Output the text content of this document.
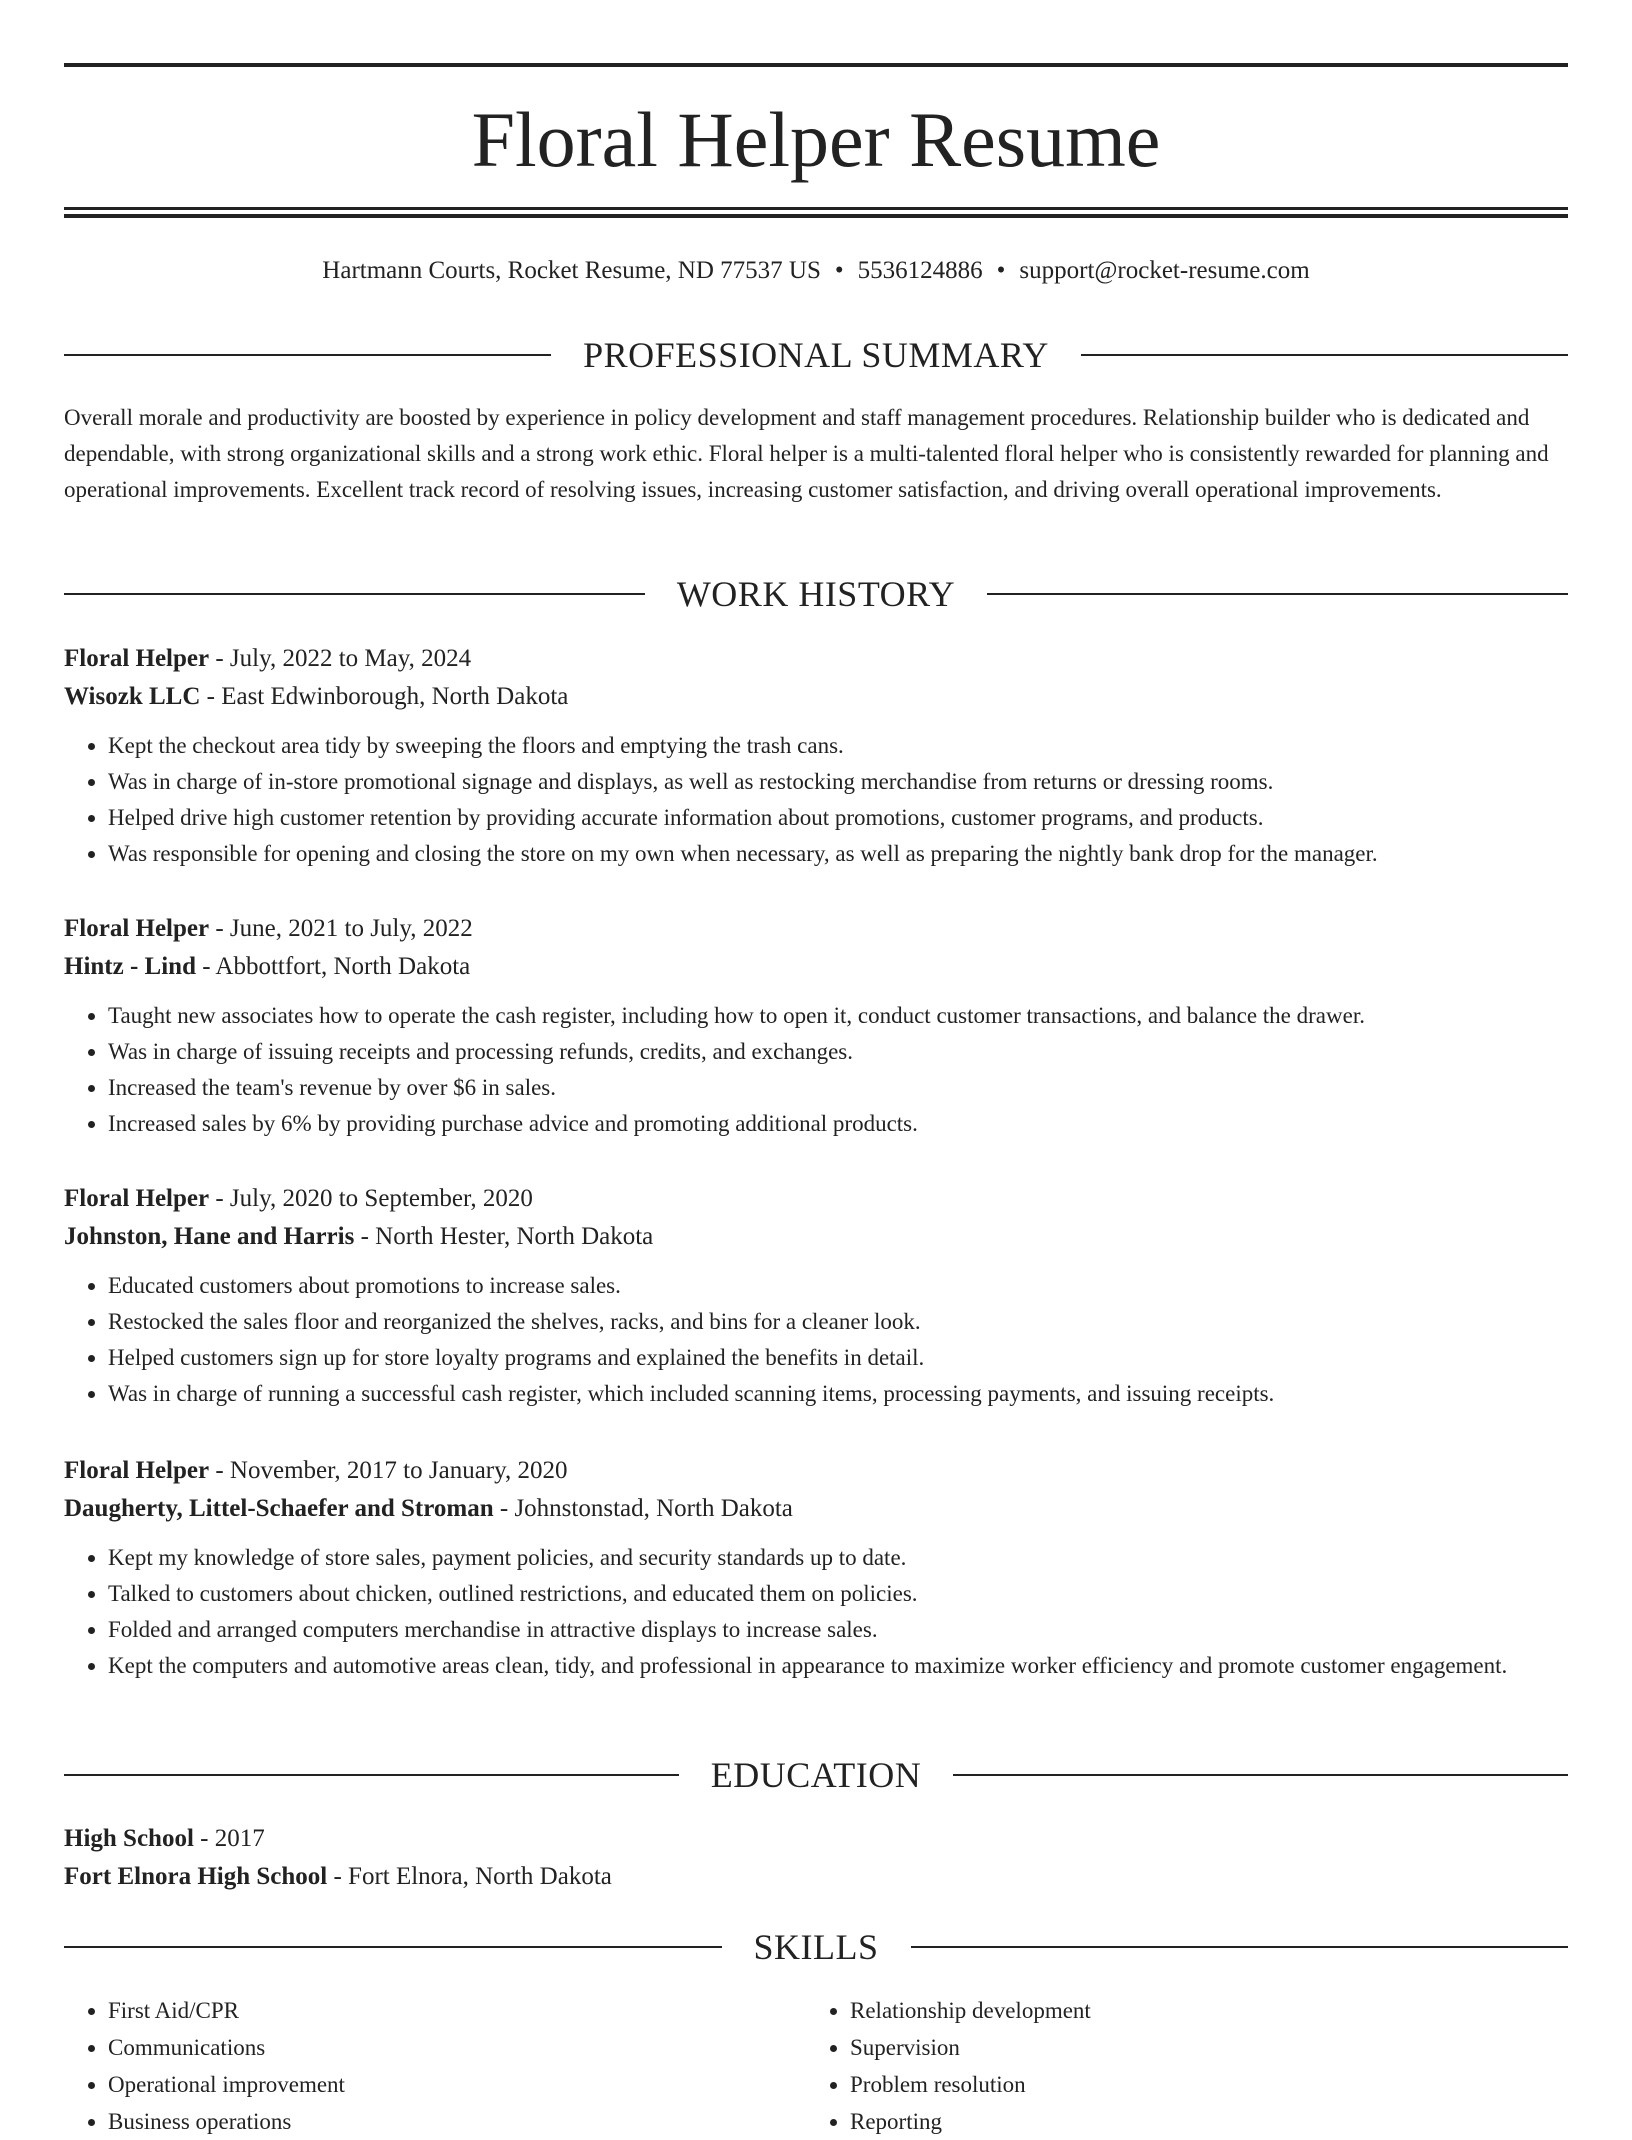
Floral Helper Resume
Hartmann Courts, Rocket Resume, ND 77537 US • 5536124886 • support@rocket-resume.com
PROFESSIONAL SUMMARY
Overall morale and productivity are boosted by experience in policy development and staff management procedures. Relationship builder who is dedicated and dependable, with strong organizational skills and a strong work ethic. Floral helper is a multi-talented floral helper who is consistently rewarded for planning and operational improvements. Excellent track record of resolving issues, increasing customer satisfaction, and driving overall operational improvements.
WORK HISTORY
Floral Helper - July, 2022 to May, 2024
Wisozk LLC - East Edwinborough, North Dakota
• Kept the checkout area tidy by sweeping the floors and emptying the trash cans.
• Was in charge of in-store promotional signage and displays, as well as restocking merchandise from returns or dressing rooms.
• Helped drive high customer retention by providing accurate information about promotions, customer programs, and products.
• Was responsible for opening and closing the store on my own when necessary, as well as preparing the nightly bank drop for the manager.
Floral Helper - June, 2021 to July, 2022
Hintz - Lind - Abbottfort, North Dakota
• Taught new associates how to operate the cash register, including how to open it, conduct customer transactions, and balance the drawer.
• Was in charge of issuing receipts and processing refunds, credits, and exchanges.
• Increased the team's revenue by over $6 in sales.
• Increased sales by 6% by providing purchase advice and promoting additional products.
Floral Helper - July, 2020 to September, 2020
Johnston, Hane and Harris - North Hester, North Dakota
• Educated customers about promotions to increase sales.
• Restocked the sales floor and reorganized the shelves, racks, and bins for a cleaner look.
• Helped customers sign up for store loyalty programs and explained the benefits in detail.
• Was in charge of running a successful cash register, which included scanning items, processing payments, and issuing receipts.
Floral Helper - November, 2017 to January, 2020
Daugherty, Littel-Schaefer and Stroman - Johnstonstad, North Dakota
• Kept my knowledge of store sales, payment policies, and security standards up to date.
• Talked to customers about chicken, outlined restrictions, and educated them on policies.
• Folded and arranged computers merchandise in attractive displays to increase sales.
• Kept the computers and automotive areas clean, tidy, and professional in appearance to maximize worker efficiency and promote customer engagement.
EDUCATION
High School - 2017
Fort Elnora High School - Fort Elnora, North Dakota
SKILLS
• First Aid/CPR
• Communications
• Operational improvement
• Business operations
• Relationship development
• Supervision
• Problem resolution
• Reporting
